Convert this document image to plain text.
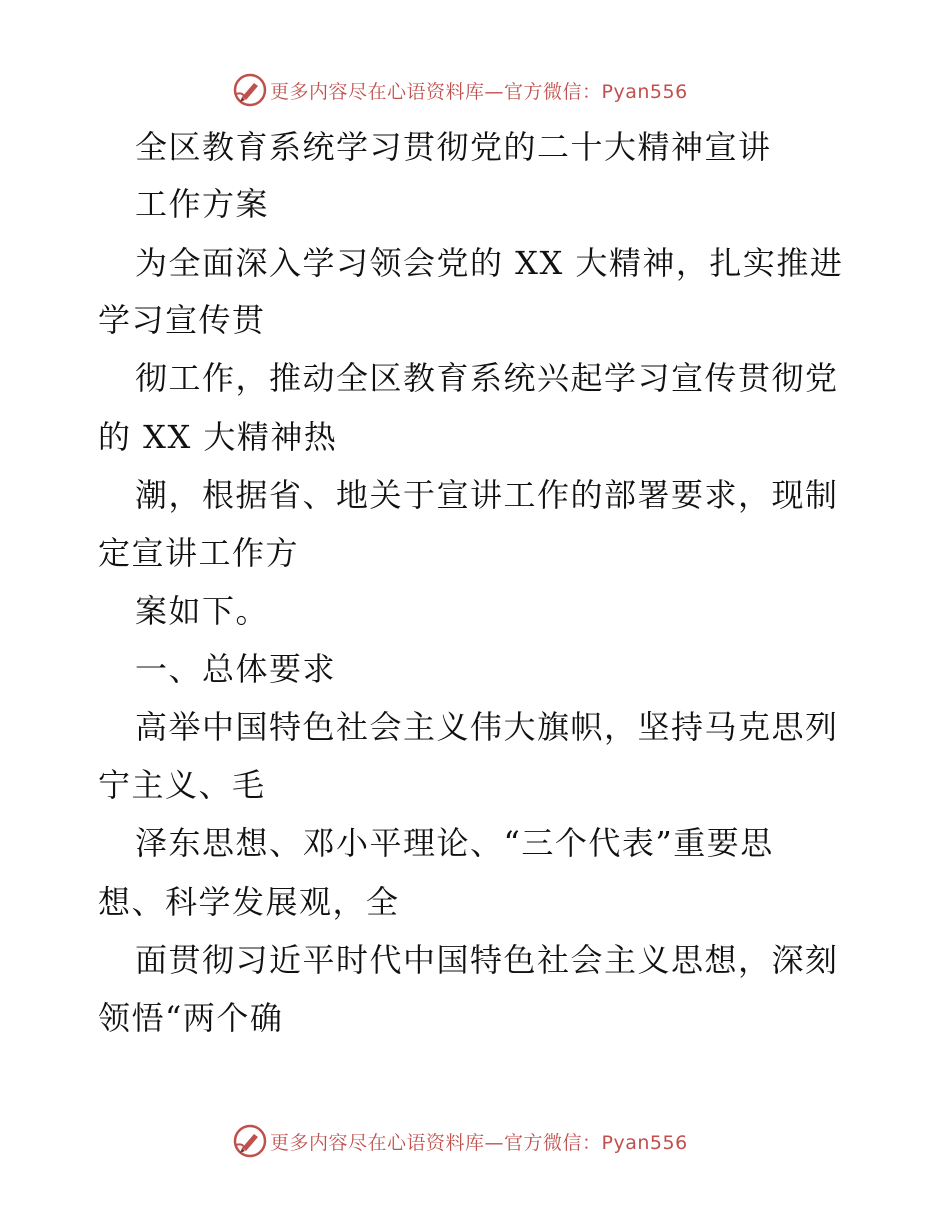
更多内容尽在心语资料库—官方微信：Pyan556
全区教育系统学习贯彻党的二十大精神宣讲
工作方案
为全面深入学习领会党的 XX 大精神，扎实推进
学习宣传贯
彻工作，推动全区教育系统兴起学习宣传贯彻党
的 XX 大精神热
潮，根据省、地关于宣讲工作的部署要求，现制
定宣讲工作方
案如下。
一、总体要求
高举中国特色社会主义伟大旗帜，坚持马克思列
宁主义、毛
泽东思想、邓小平理论、“三个代表”重要思
想、科学发展观，全
面贯彻习近平时代中国特色社会主义思想，深刻
领悟“两个确
更多内容尽在心语资料库—官方微信：Pyan556
